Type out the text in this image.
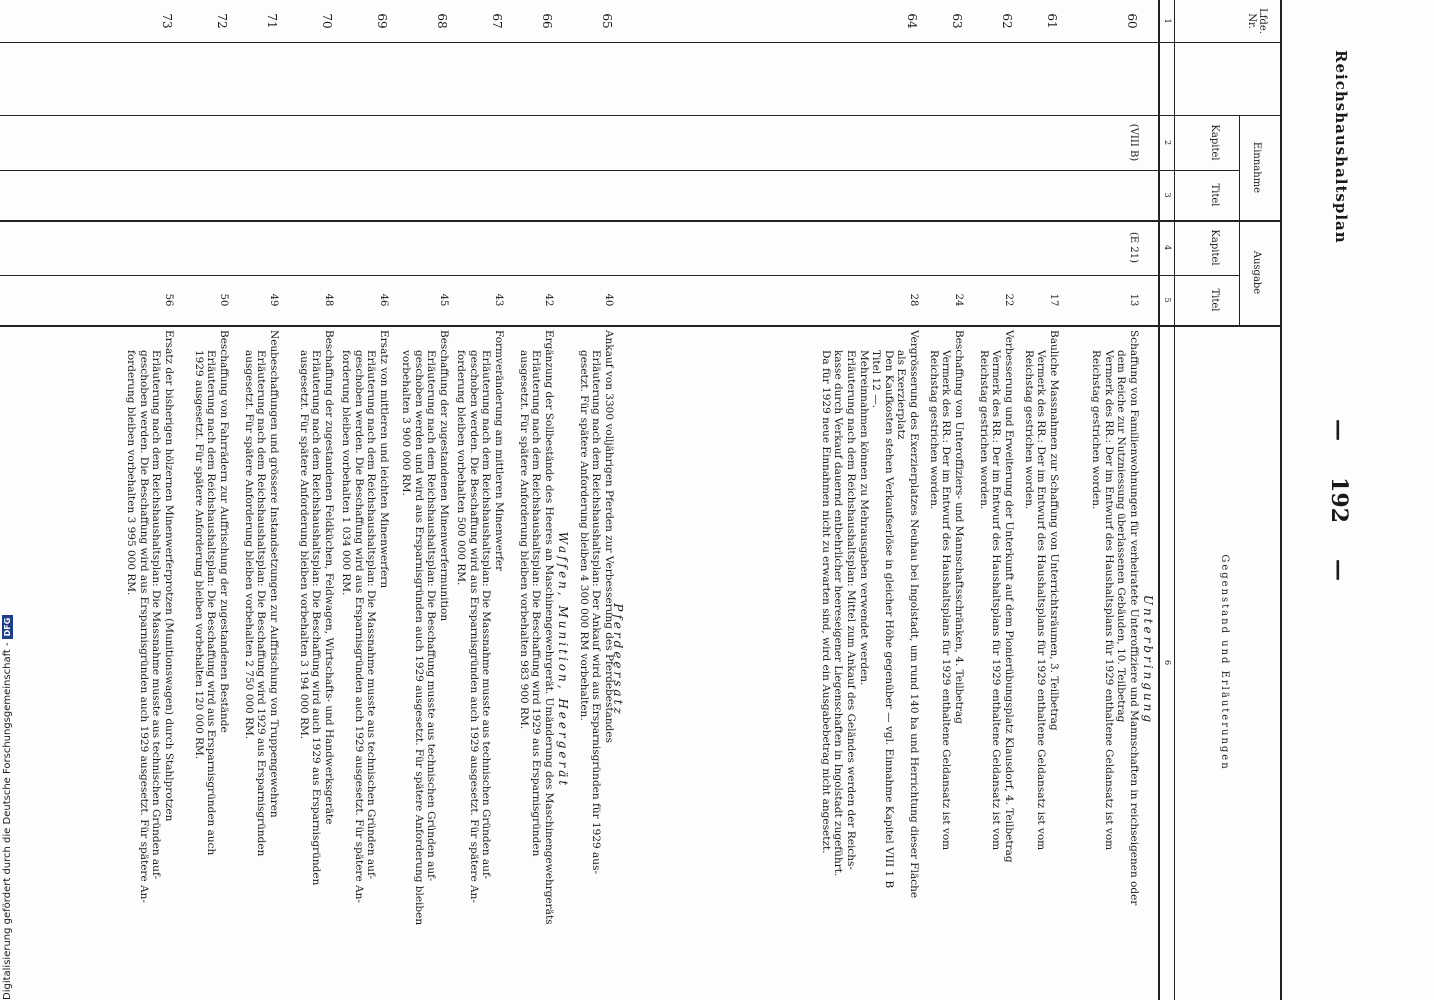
Reichshaushaltsplan
—192—
Lfde. Nr.
Einnahme
Ausgabe
Kapitel
Titel
Kapitel
Titel
Gegenstand und Erläuterungen
1
2
3
4
5
6
Unterbringung
Pferdeersatz
Waffen, Munition, Heergerät
60
(VIII B)
(E 21)
13
Schaffung von Familienwohnungen für verheiratete Unteroffiziere und Mannschaften in reichseigenen oder
dem Reiche zur Nutzniessung überlassenen Gebäuden, 10. Teilbetrag
Vermerk des RR.: Der im Entwurf des Haushaltsplans für 1929 enthaltene Geldansatz ist vom
Reichstag gestrichen worden.
61
17
Bauliche Massnahmen zur Schaffung von Unterrichtsräumen, 3. Teilbetrag
Vermerk des RR.: Der im Entwurf des Haushaltsplans für 1929 enthaltene Geldansatz ist vom
Reichstag gestrichen worden.
62
22
Verbesserung und Erweiterung der Unterkunft auf dem Pionierübungsplatz Klausdorf, 4. Teilbetrag
Vermerk des RR.: Der im Entwurf des Haushaltsplans für 1929 enthaltene Geldansatz ist vom
Reichstag gestrichen worden.
63
24
Beschaffung von Unteroffiziers- und Mannschaftsschränken, 4. Teilbetrag
Vermerk des RR.: Der im Entwurf des Haushaltsplans für 1929 enthaltene Geldansatz ist vom
Reichstag gestrichen worden.
64
28
Vergrösserung des Exerzierplatzes Neuhau bei Ingolstadt, um rund 140 ha und Herrichtung dieser Fläche
als Exerzierplatz
Den Kaufkosten stehen Verkaufserlöse in gleicher Höhe gegenüber — vgl. Einnahme Kapitel VIII 1 B
Titel 12 —.
Mehreinnahmen können zu Mehrausgaben verwendet werden.
Erläuterung nach dem Reichshaushaltsplan: Mittel zum Ankauf des Geländes werden der Reichs-
kasse durch Verkauf dauernd entbehrlicher heereseigener Liegenschaften in Ingolstadt zugeführt.
Da für 1929 neue Einnahmen nicht zu erwarten sind, wird ein Ausgabebetrag nicht angesetzt.
65
40
Ankauf von 3300 volljährigen Pferden zur Verbesserung des Pferdebestandes
Erläuterung nach dem Reichshaushaltsplan: Der Ankauf wird aus Ersparnisgründen für 1929 aus-
gesetzt. Für spätere Anforderung bleiben 4 300 000 RM vorbehalten.
66
42
Ergänzung der Sollbestände des Heeres an Maschinengewehrgerät. Umänderung des Maschinengewehrgeräts
Erläuterung nach dem Reichshaushaltsplan: Die Beschaffung wird 1929 aus Ersparnisgründen
ausgesetzt. Für spätere Anforderung bleiben vorbehalten 983 900 RM.
67
43
Formveränderung am mittleren Minenwerfer
Erläuterung nach dem Reichshaushaltsplan: Die Massnahme musste aus technischen Gründen auf-
geschoben werden. Die Beschaffung wird aus Ersparnisgründen auch 1929 ausgesetzt. Für spätere An-
forderung bleiben vorbehalten 500 000 RM.
68
45
Beschaffung der zugestandenen Minenwerfermunition
Erläuterung nach dem Reichshaushaltsplan: Die Beschaffung musste aus technischen Gründen auf-
geschoben werden und wird aus Ersparnisgründen auch 1929 ausgesetzt. Für spätere Anforderung bleiben
vorbehalten 3 900 000 RM.
69
46
Ersatz von mittleren und leichten Minenwerfern
Erläuterung nach dem Reichshaushaltsplan: Die Massnahme musste aus technischen Gründen auf-
geschoben werden. Die Beschaffung wird aus Ersparnisgründen auch 1929 ausgesetzt. Für spätere An-
forderung bleiben vorbehalten 1 034 000 RM.
70
48
Beschaffung der zugestandenen Feldküchen, Feldwagen, Wirtschafts- und Handwerksgeräte
Erläuterung nach dem Reichshaushaltsplan: Die Beschaffung wird auch 1929 aus Ersparnisgründen
ausgesetzt. Für spätere Anforderung bleiben vorbehalten 3 194 000 RM.
71
49
Neubeschaffungen und grössere Instandsetzungen zur Auffrischung von Truppengewehren
Erläuterung nach dem Reichshaushaltsplan: Die Beschaffung wird 1929 aus Ersparnisgründen
ausgesetzt. Für spätere Anforderung bleiben vorbehalten 2 750 000 RM.
72
50
Beschaffung von Fahrrädern zur Auffrischung der zugestandenen Bestände
Erläuterung nach dem Reichshaushaltsplan: Die Beschaffung wird aus Ersparnisgründen auch
1929 ausgesetzt. Für spätere Anforderung bleiben vorbehalten 120 000 RM.
73
56
Ersatz der bisherigen hölzernen Minenwerferprotzen (Munitionswagen) durch Stahlprotzen
Erläuterung nach dem Reichshaushaltsplan: Die Massnahme musste aus technischen Gründen auf-
geschoben werden. Die Beschaffung wird aus Ersparnisgründen auch 1929 ausgesetzt. Für spätere An-
forderung bleiben vorbehalten 3 995 000 RM.
Digitalisierung gefördert durch die Deutsche Forschungsgemeinschaft -DFG
